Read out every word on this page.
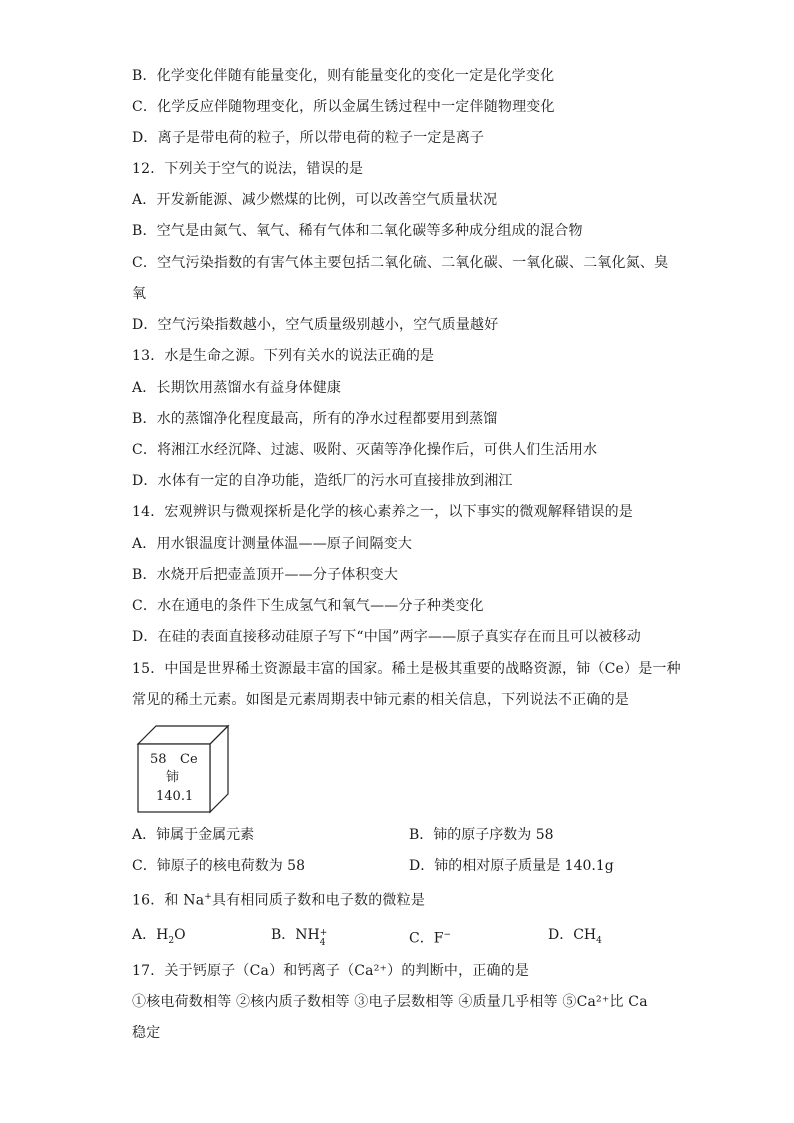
B．化学变化伴随有能量变化，则有能量变化的变化一定是化学变化
C．化学反应伴随物理变化，所以金属生锈过程中一定伴随物理变化
D．离子是带电荷的粒子，所以带电荷的粒子一定是离子
12．下列关于空气的说法，错误的是
A．开发新能源、减少燃煤的比例，可以改善空气质量状况
B．空气是由氮气、氧气、稀有气体和二氧化碳等多种成分组成的混合物
C．空气污染指数的有害气体主要包括二氧化硫、二氧化碳、一氧化碳、二氧化氮、臭
氧
D．空气污染指数越小，空气质量级别越小，空气质量越好
13．水是生命之源。下列有关水的说法正确的是
A．长期饮用蒸馏水有益身体健康
B．水的蒸馏净化程度最高，所有的净水过程都要用到蒸馏
C．将湘江水经沉降、过滤、吸附、灭菌等净化操作后，可供人们生活用水
D．水体有一定的自净功能，造纸厂的污水可直接排放到湘江
14．宏观辨识与微观探析是化学的核心素养之一，以下事实的微观解释错误的是
A．用水银温度计测量体温——原子间隔变大
B．水烧开后把壶盖顶开——分子体积变大
C．水在通电的条件下生成氢气和氧气——分子种类变化
D．在硅的表面直接移动硅原子写下“中国”两字——原子真实存在而且可以被移动
15．中国是世界稀土资源最丰富的国家。稀土是极其重要的战略资源，铈（Ce）是一种
常见的稀土元素。如图是元素周期表中铈元素的相关信息，下列说法不正确的是
58 Ce
铈
140.1
A．铈属于金属元素	B．铈的原子序数为 58
C．铈原子的核电荷数为 58	D．铈的相对原子质量是 140.1g
16．和 Na+具有相同质子数和电子数的微粒是
A．$H_2O$	B．NH +
4	C．F−	D．$CH_4$
17．关于钙原子（Ca）和钙离子（Ca²⁺）的判断中，正确的是
①核电荷数相等 ②核内质子数相等 ③电子层数相等 ④质量几乎相等 ⑤Ca²⁺比 Ca
稳定
